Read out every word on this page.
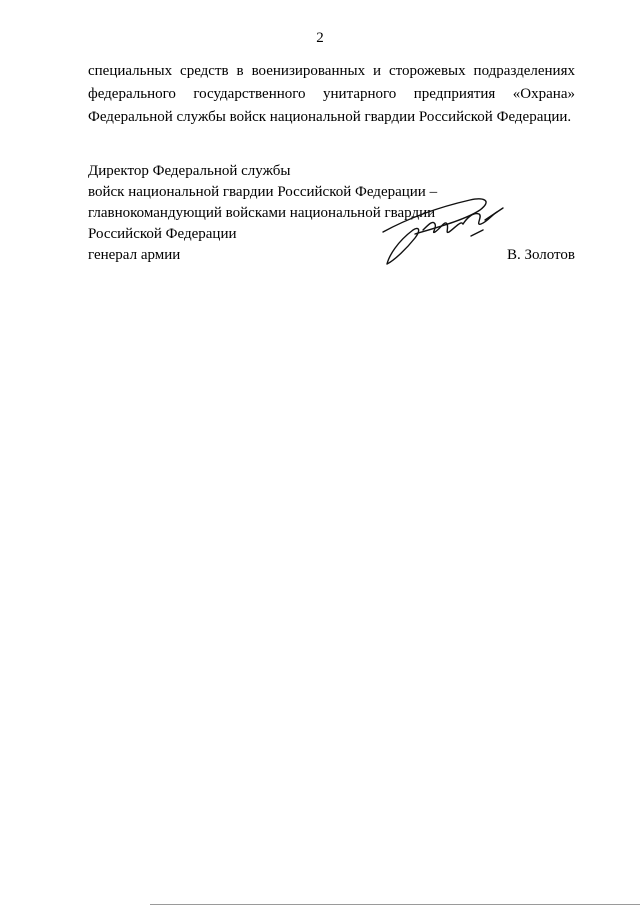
2
специальных средств в военизированных и сторожевых подразделениях
федерального государственного унитарного предприятия «Охрана»
Федеральной службы войск национальной гвардии Российской Федерации.
Директор Федеральной службы
войск национальной гвардии Российской Федерации –
главнокомандующий войсками национальной гвардии
Российской Федерации
генерал армии	В. Золотов
